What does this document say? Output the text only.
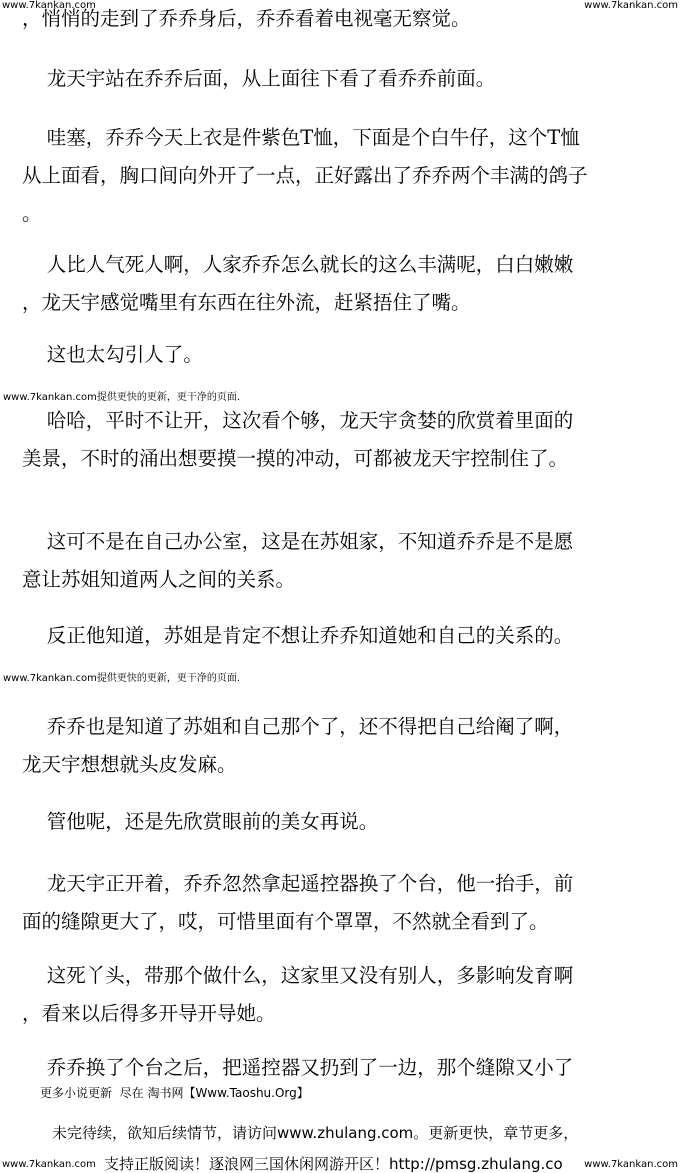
www.7kankan.com	www.7kankan.com

，悄悄的走到了乔乔身后，乔乔看着电视毫无察觉。

龙天宇站在乔乔后面，从上面往下看了看乔乔前面。

哇塞，乔乔今天上衣是件紫色T恤，下面是个白牛仔，这个T恤
从上面看，胸口间向外开了一点，正好露出了乔乔两个丰满的鸽子
。

人比人气死人啊，人家乔乔怎么就长的这么丰满呢，白白嫩嫩
，龙天宇感觉嘴里有东西在往外流，赶紧捂住了嘴。

这也太勾引人了。

www.7kankan.com提供更快的更新，更干净的页面.

哈哈，平时不让开，这次看个够，龙天宇贪婪的欣赏着里面的
美景，不时的涌出想要摸一摸的冲动，可都被龙天宇控制住了。

这可不是在自己办公室，这是在苏姐家，不知道乔乔是不是愿
意让苏姐知道两人之间的关系。

反正他知道，苏姐是肯定不想让乔乔知道她和自己的关系的。

www.7kankan.com提供更快的更新，更干净的页面.

乔乔也是知道了苏姐和自己那个了，还不得把自己给阉了啊，
龙天宇想想就头皮发麻。

管他呢，还是先欣赏眼前的美女再说。

龙天宇正开着，乔乔忽然拿起遥控器换了个台，他一抬手，前
面的缝隙更大了，哎，可惜里面有个罩罩，不然就全看到了。

这死丫头，带那个做什么，这家里又没有别人，多影响发育啊
，看来以后得多开导开导她。

乔乔换了个台之后，把遥控器又扔到了一边，那个缝隙又小了

更多小说更新  尽在 淘书网【Www.Taoshu.Org】
未完待续，欲知后续情节，请访问www.zhulang.com。更新更快，章节更多，
www.7kankan.com 支持正版阅读！逐浪网三国休闲网游开区！http://pmsg.zhulang.co www.7kankan.com
